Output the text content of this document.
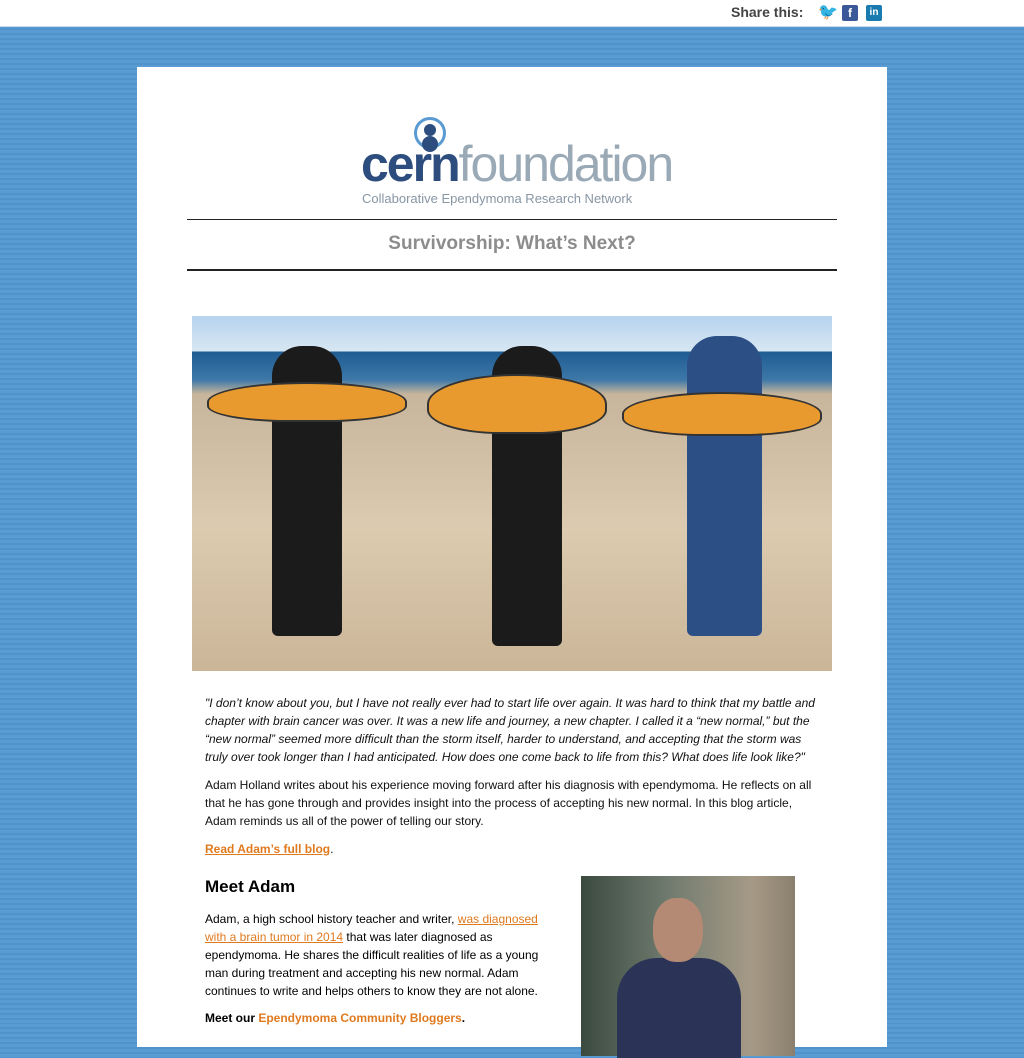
Share this: 🐦 f	in
cernfoundation
Collaborative Ependymoma Research Network
Survivorship: What’s Next?

"I don’t know about you, but I have not really ever had to start life over again. It was hard to think that my battle and chapter with brain cancer was over. It was a new life and journey, a new chapter. I called it a “new normal,” but the “new normal” seemed more difficult than the storm itself, harder to understand, and accepting that the storm was truly over took longer than I had anticipated. How does one come back to life from this? What does life look like?"

Adam Holland writes about his experience moving forward after his diagnosis with ependymoma. He reflects on all that he has gone through and provides insight into the process of accepting his new normal. In this blog article, Adam reminds us all of the power of telling our story.

Read Adam’s full blog.

Meet Adam

Adam, a high school history teacher and writer, was diagnosed with a brain tumor in 2014 that was later diagnosed as ependymoma. He shares the difficult realities of life as a young man during treatment and accepting his new normal. Adam continues to write and helps others to know they are not alone.

Meet our Ependymoma Community Bloggers.
